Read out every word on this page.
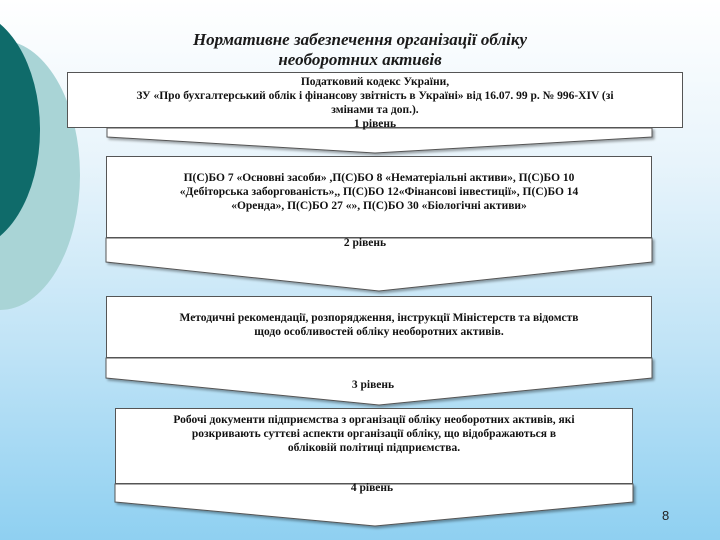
Нормативне забезпечення організації обліку
необоротних активів
Податковий кодекс України,
ЗУ «Про бухгалтерський облік і фінансову звітність в Україні» від 16.07. 99 р. № 996-XIV (зі
змінами та доп.).
1 рівень
П(С)БО 7 «Основні засоби» ,П(С)БО 8 «Нематеріальні активи», П(С)БО 10
«Дебіторська заборгованість»,, П(С)БО 12«Фінансові інвестиції», П(С)БО 14
«Оренда», П(С)БО 27 «», П(С)БО 30 «Біологічні активи»
2 рівень
Методичні рекомендації, розпорядження, інструкції Міністерств та відомств
щодо особливостей обліку необоротних активів.
3 рівень
Робочі документи підприємства з організації обліку необоротних активів, які
розкривають суттєві аспекти організації обліку, що відображаються в
обліковій політиці підприємства.
4 рівень
8
